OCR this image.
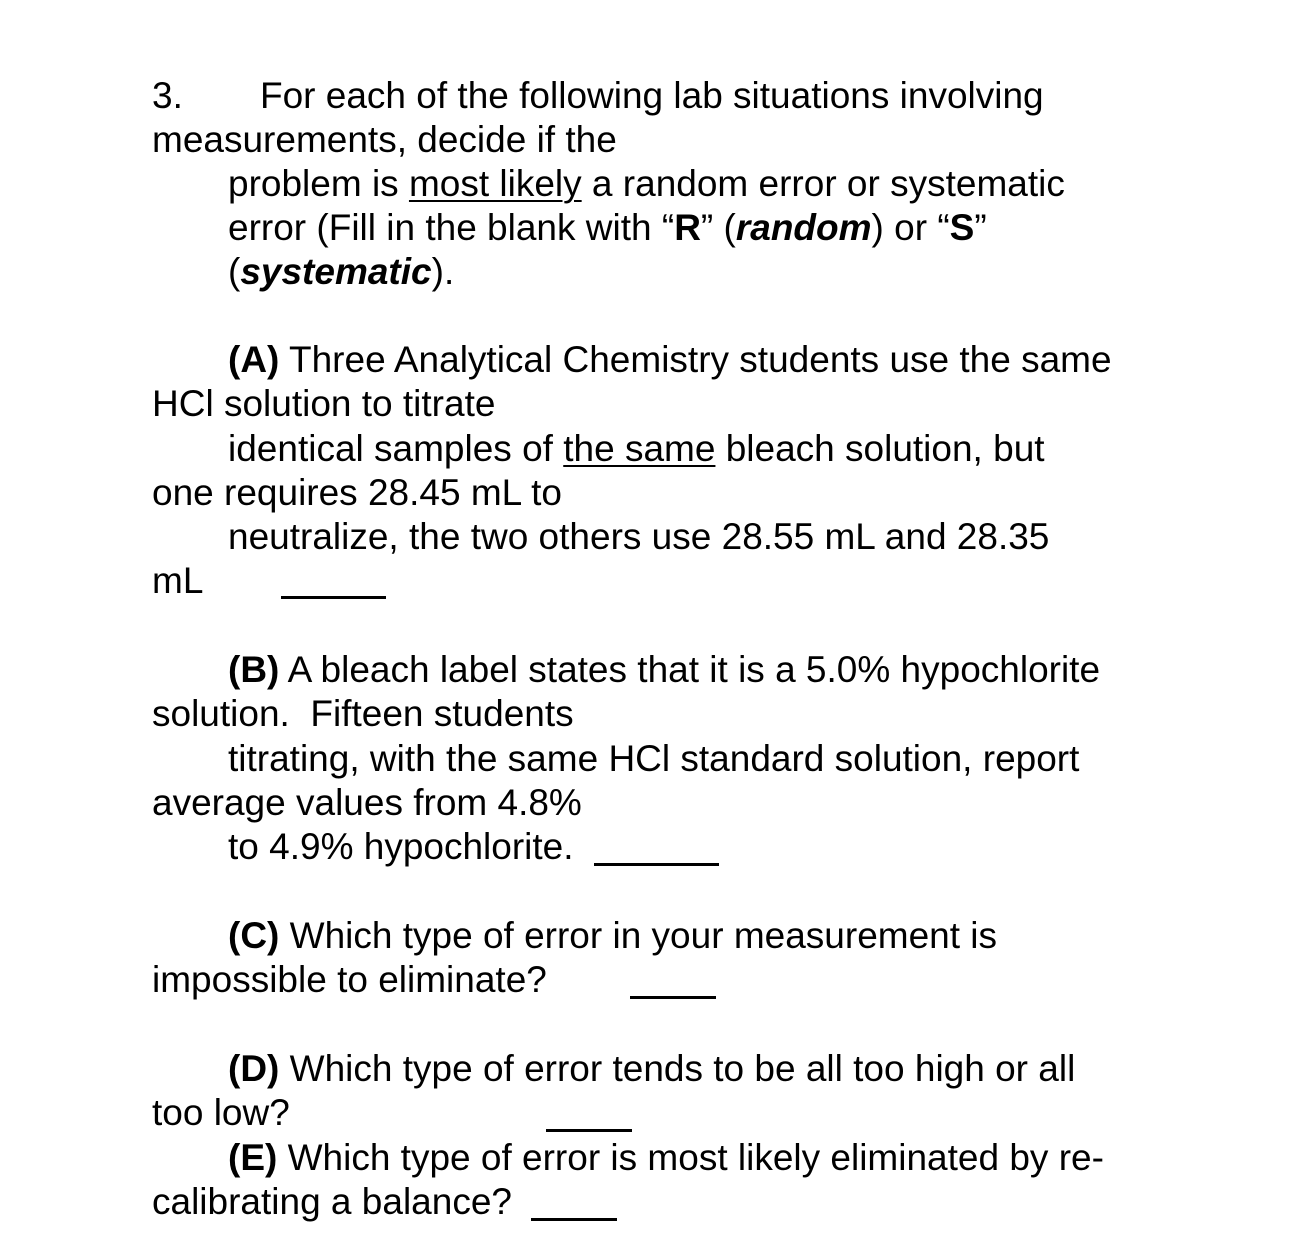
3. For each of the following lab situations involving
measurements, decide if the
problem is most likely a random error or systematic
error (Fill in the blank with “R” (random) or “S”
(systematic).
(A) Three Analytical Chemistry students use the same
HCl solution to titrate
identical samples of the same bleach solution, but
one requires 28.45 mL to
neutralize, the two others use 28.55 mL and 28.35
mL
(B) A bleach label states that it is a 5.0% hypochlorite
solution.  Fifteen students
titrating, with the same HCl standard solution, report
average values from 4.8%
to 4.9% hypochlorite.
(C) Which type of error in your measurement is
impossible to eliminate?
(D) Which type of error tends to be all too high or all
too low?
(E) Which type of error is most likely eliminated by re-
calibrating a balance?
